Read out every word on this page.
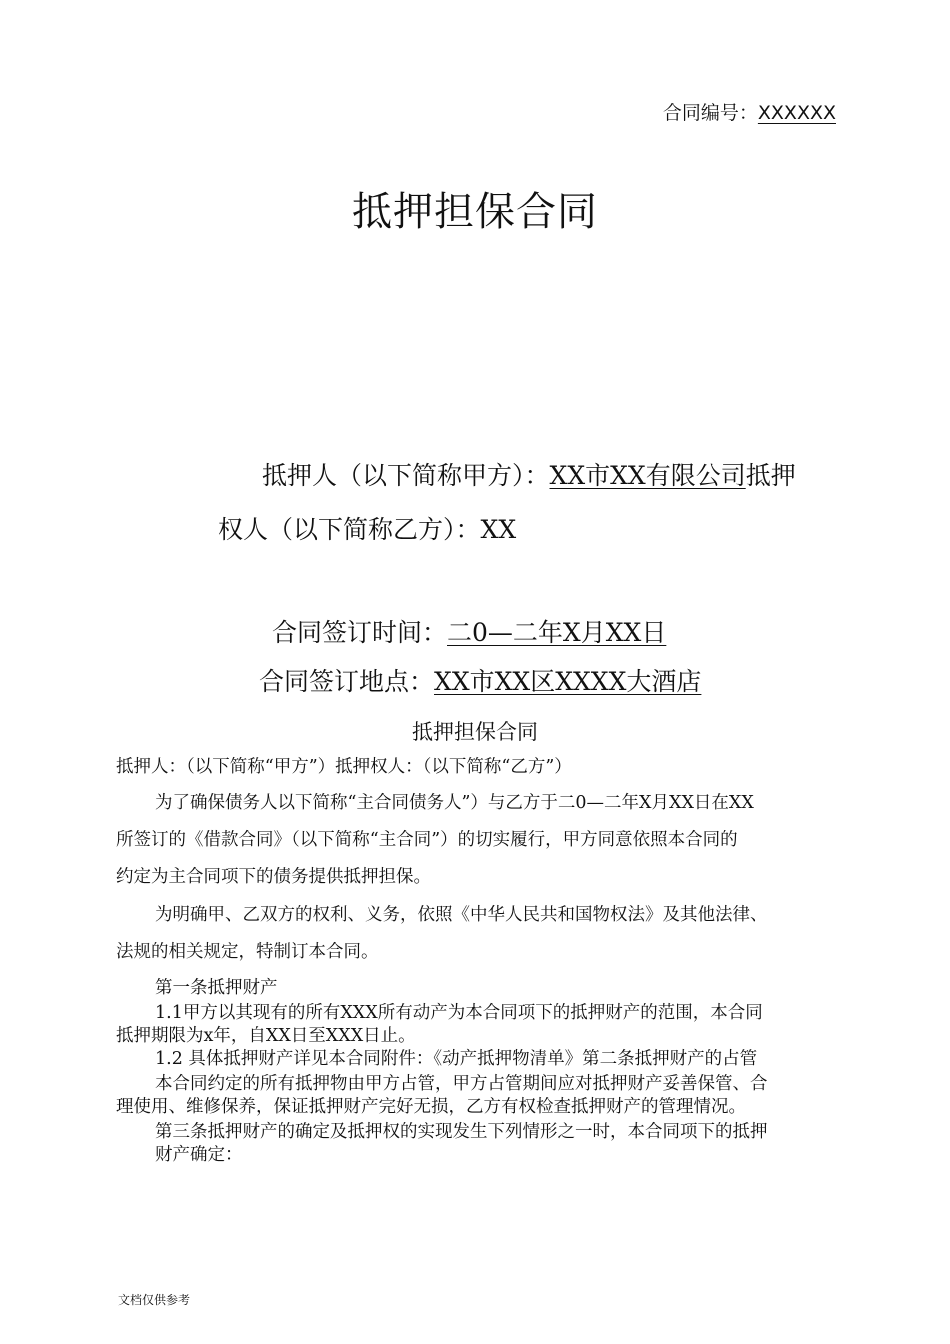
合同编号：XXXXXX
抵押担保合同
抵押人（以下简称甲方）：XX市XX有限公司抵押
权人（以下简称乙方）：XX
合同签订时间：二0—二年X月XX日
合同签订地点：XX市XX区XXXX大酒店
抵押担保合同
抵押人：（以下简称“甲方”）抵押权人：（以下简称“乙方”）
为了确保债务人以下简称“主合同债务人”）与乙方于二0—二年X月XX日在XX
所签订的《借款合同》（以下简称“主合同”）的切实履行，甲方同意依照本合同的
约定为主合同项下的债务提供抵押担保。
为明确甲、乙双方的权利、义务，依照《中华人民共和国物权法》及其他法律、
法规的相关规定，特制订本合同。
第一条抵押财产
1.1甲方以其现有的所有XXX所有动产为本合同项下的抵押财产的范围，本合同
抵押期限为x年，自XX日至XXX日止。
1.2 具体抵押财产详见本合同附件：《动产抵押物清单》第二条抵押财产的占管
本合同约定的所有抵押物由甲方占管，甲方占管期间应对抵押财产妥善保管、合
理使用、维修保养，保证抵押财产完好无损，乙方有权检查抵押财产的管理情况。
第三条抵押财产的确定及抵押权的实现发生下列情形之一时，本合同项下的抵押
财产确定：
文档仅供参考
